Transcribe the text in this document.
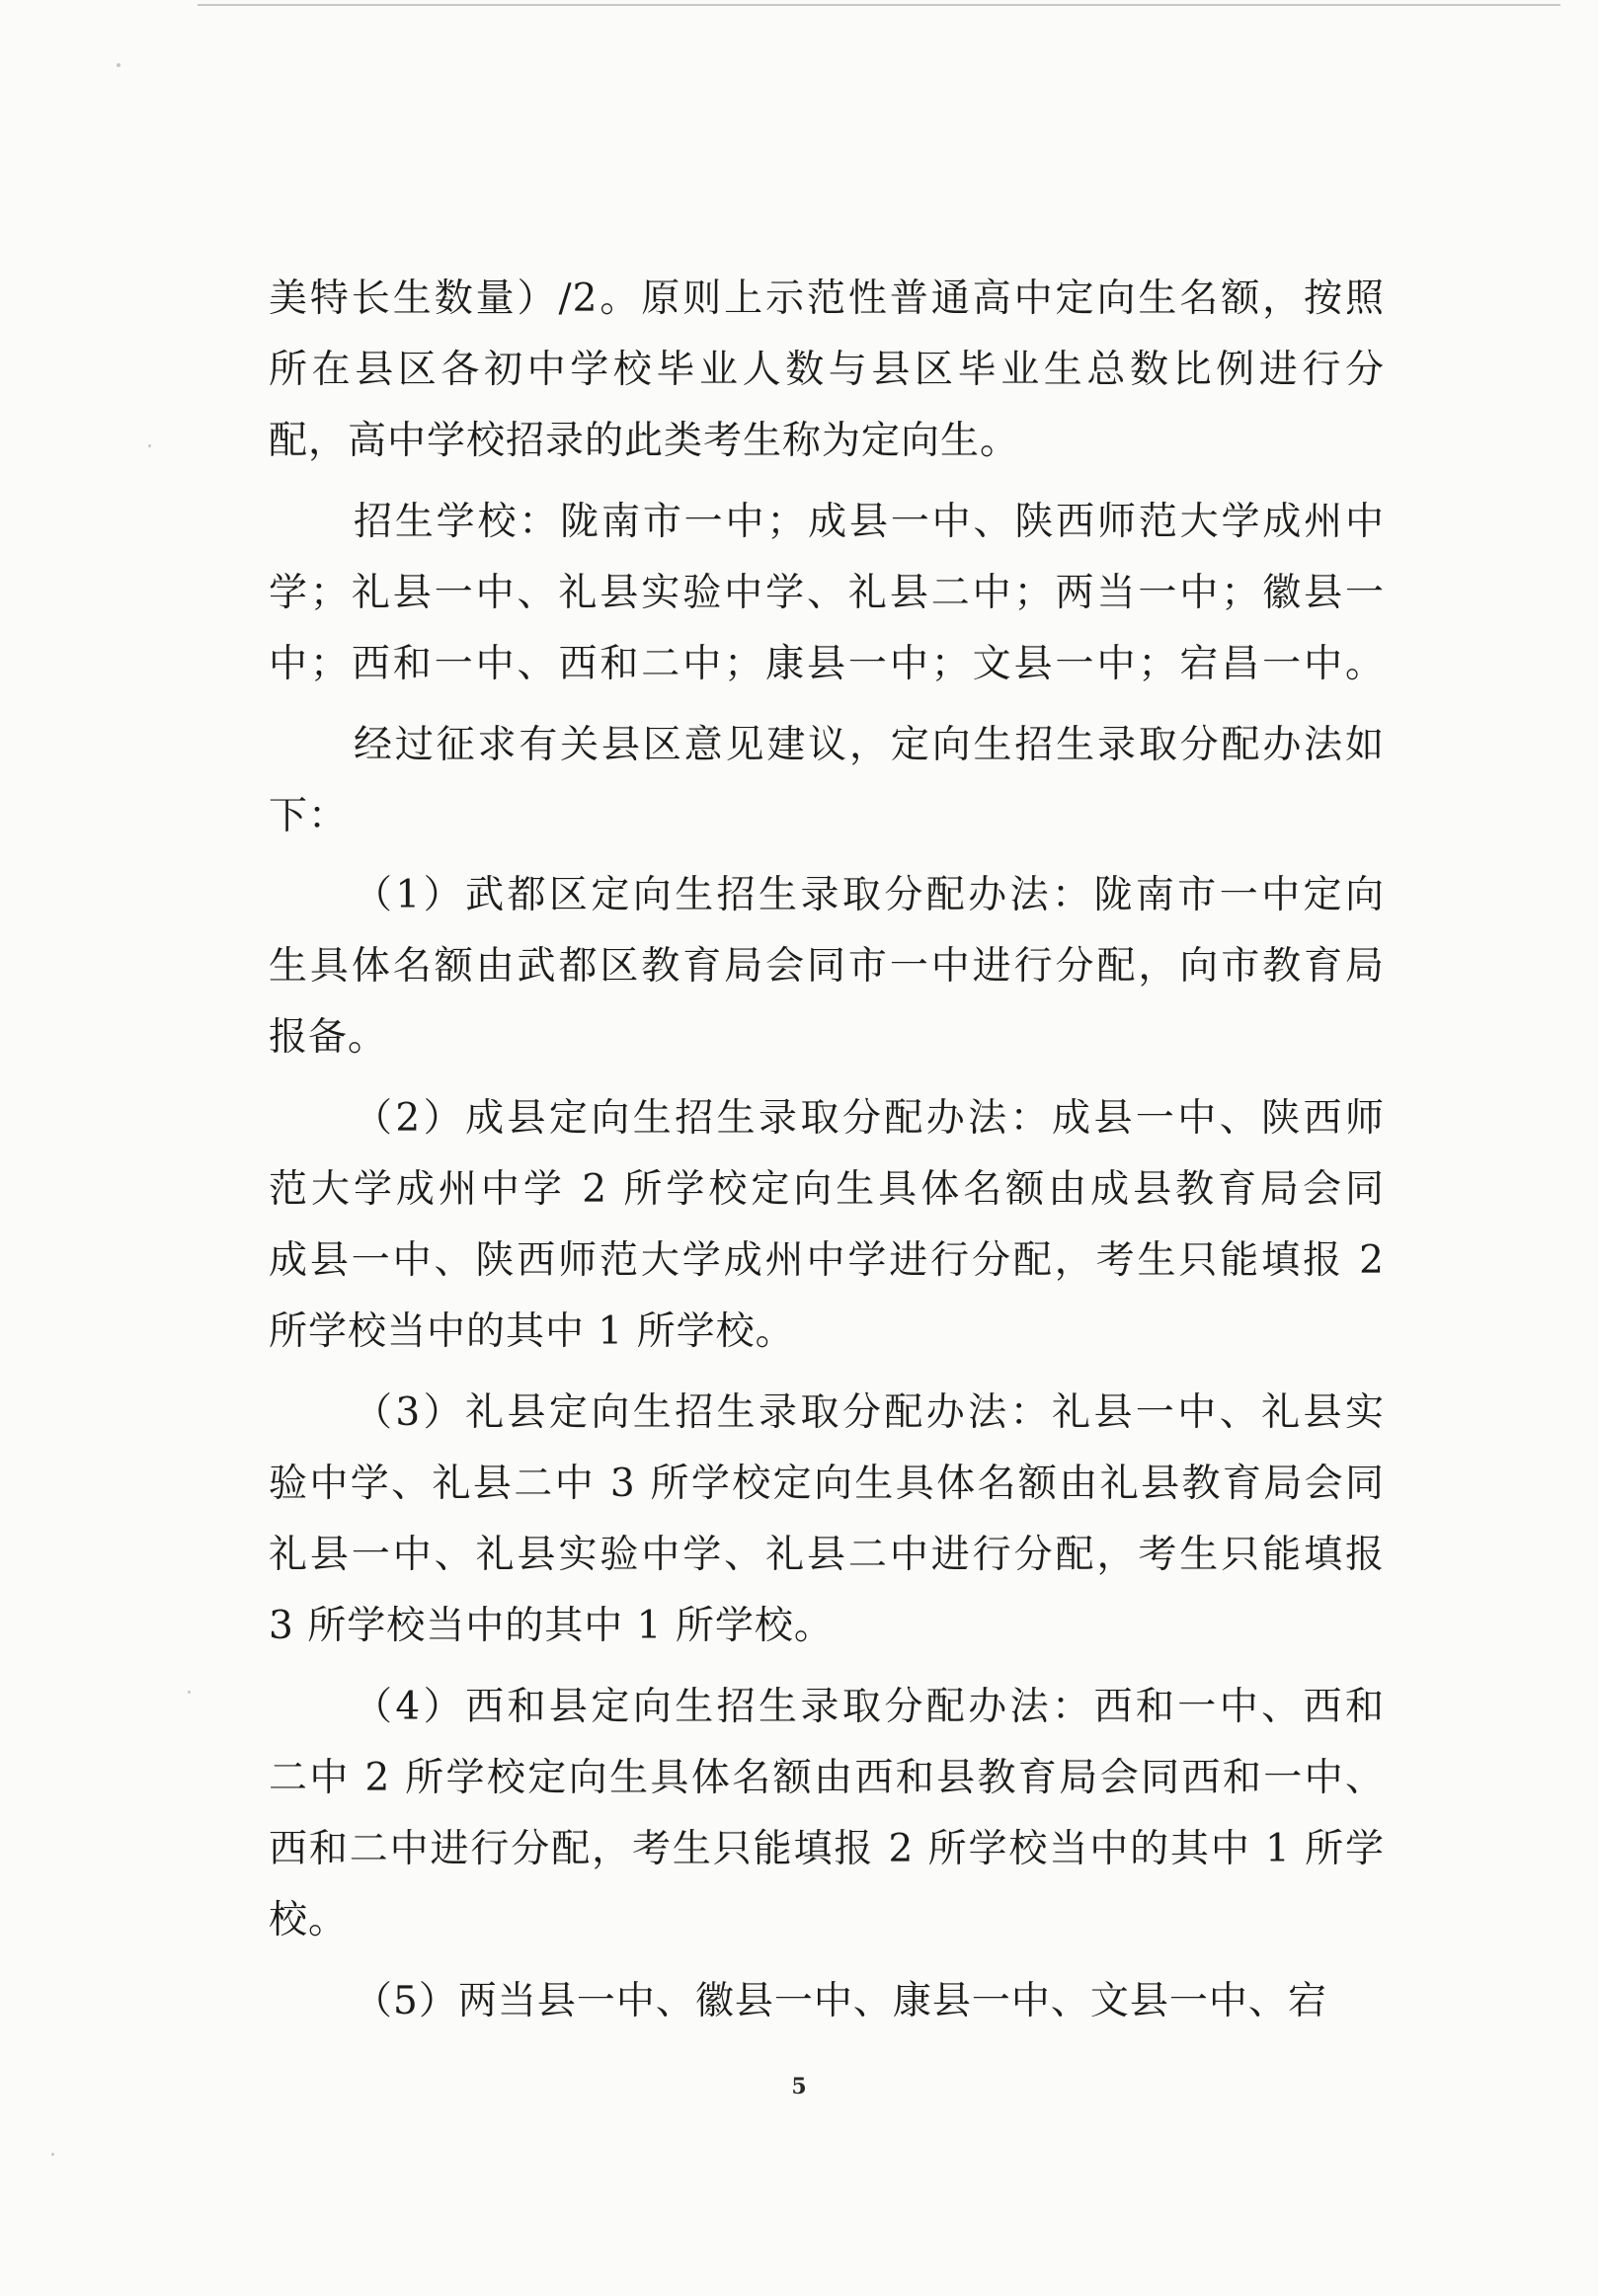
美特长生数量）/2。原则上示范性普通高中定向生名额，按照
所在县区各初中学校毕业人数与县区毕业生总数比例进行分
配，高中学校招录的此类考生称为定向生。
招生学校：陇南市一中；成县一中、陕西师范大学成州中
学；礼县一中、礼县实验中学、礼县二中；两当一中；徽县一
中；西和一中、西和二中；康县一中；文县一中；宕昌一中。
经过征求有关县区意见建议，定向生招生录取分配办法如
下：
（1）武都区定向生招生录取分配办法：陇南市一中定向
生具体名额由武都区教育局会同市一中进行分配，向市教育局
报备。
（2）成县定向生招生录取分配办法：成县一中、陕西师
范大学成州中学 2 所学校定向生具体名额由成县教育局会同
成县一中、陕西师范大学成州中学进行分配，考生只能填报 2
所学校当中的其中 1 所学校。
（3）礼县定向生招生录取分配办法：礼县一中、礼县实
验中学、礼县二中 3 所学校定向生具体名额由礼县教育局会同
礼县一中、礼县实验中学、礼县二中进行分配，考生只能填报
3 所学校当中的其中 1 所学校。
（4）西和县定向生招生录取分配办法：西和一中、西和
二中 2 所学校定向生具体名额由西和县教育局会同西和一中、
西和二中进行分配，考生只能填报 2 所学校当中的其中 1 所学
校。
（5）两当县一中、徽县一中、康县一中、文县一中、宕
5
